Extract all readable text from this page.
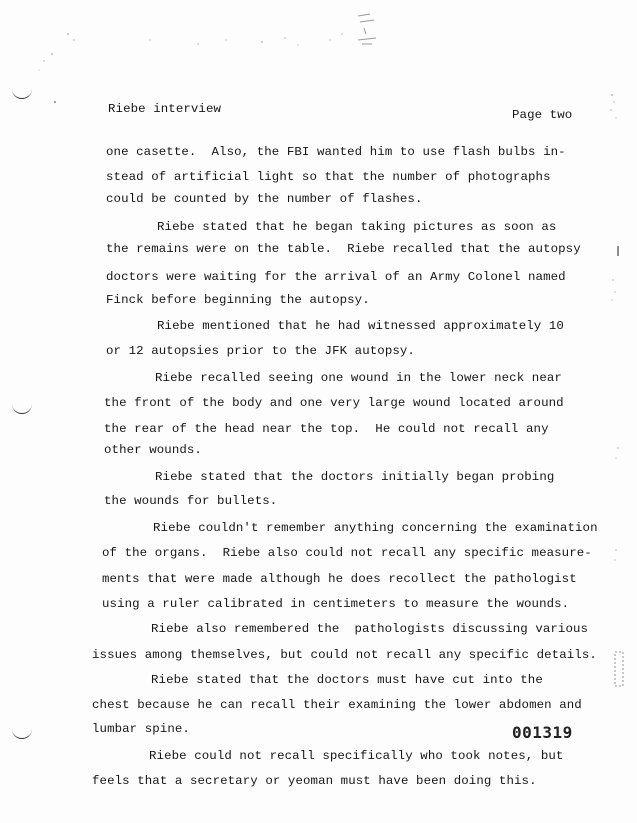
Riebe interview	Page two
one casette.  Also, the FBI wanted him to use flash bulbs in-
stead of artificial light so that the number of photographs
could be counted by the number of flashes.
Riebe stated that he began taking pictures as soon as
the remains were on the table.  Riebe recalled that the autopsy
doctors were waiting for the arrival of an Army Colonel named
Finck before beginning the autopsy.
Riebe mentioned that he had witnessed approximately 10
or 12 autopsies prior to the JFK autopsy.
Riebe recalled seeing one wound in the lower neck near
the front of the body and one very large wound located around
the rear of the head near the top.  He could not recall any
other wounds.
Riebe stated that the doctors initially began probing
the wounds for bullets.
Riebe couldn't remember anything concerning the examination
of the organs.  Riebe also could not recall any specific measure-
ments that were made although he does recollect the pathologist
using a ruler calibrated in centimeters to measure the wounds.
Riebe also remembered the  pathologists discussing various
issues among themselves, but could not recall any specific details.
Riebe stated that the doctors must have cut into the
chest because he can recall their examining the lower abdomen and
lumbar spine.
Riebe could not recall specifically who took notes, but
feels that a secretary or yeoman must have been doing this.
001319
